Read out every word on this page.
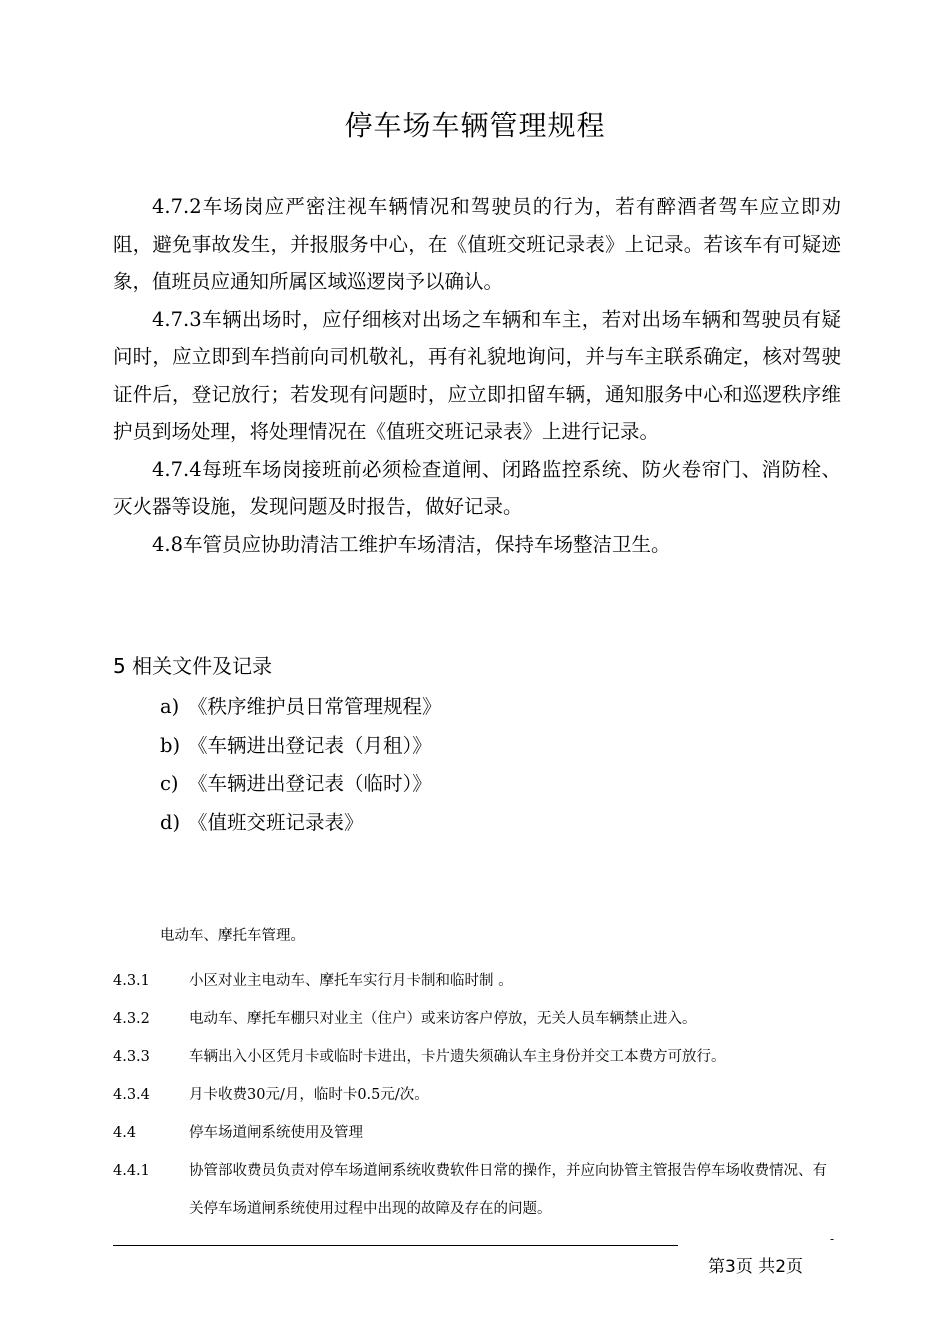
停车场车辆管理规程

4.7.2车场岗应严密注视车辆情况和驾驶员的行为，若有醉酒者驾车应立即劝阻，避免事故发生，并报服务中心，在《值班交班记录表》上记录。若该车有可疑迹象，值班员应通知所属区域巡逻岗予以确认。

4.7.3车辆出场时，应仔细核对出场之车辆和车主，若对出场车辆和驾驶员有疑问时，应立即到车挡前向司机敬礼，再有礼貌地询问，并与车主联系确定，核对驾驶证件后，登记放行；若发现有问题时，应立即扣留车辆，通知服务中心和巡逻秩序维护员到场处理，将处理情况在《值班交班记录表》上进行记录。

4.7.4每班车场岗接班前必须检查道闸、闭路监控系统、防火卷帘门、消防栓、灭火器等设施，发现问题及时报告，做好记录。

4.8车管员应协助清洁工维护车场清洁，保持车场整洁卫生。

5 相关文件及记录
a) 《秩序维护员日常管理规程》
b) 《车辆进出登记表（月租）》
c) 《车辆进出登记表（临时）》
d) 《值班交班记录表》
电动车、摩托车管理。
4.3.1	小区对业主电动车、摩托车实行月卡制和临时制 。
4.3.2	电动车、摩托车棚只对业主（住户）或来访客户停放，无关人员车辆禁止进入。
4.3.3	车辆出入小区凭月卡或临时卡进出，卡片遗失须确认车主身份并交工本费方可放行。
4.3.4	月卡收费30元/月，临时卡0.5元/次。
4.4	停车场道闸系统使用及管理
4.4.1	协管部收费员负责对停车场道闸系统收费软件日常的操作，并应向协管主管报告停车场收费情况、有关停车场道闸系统使用过程中出现的故障及存在的问题。
-
第3页 共2页
